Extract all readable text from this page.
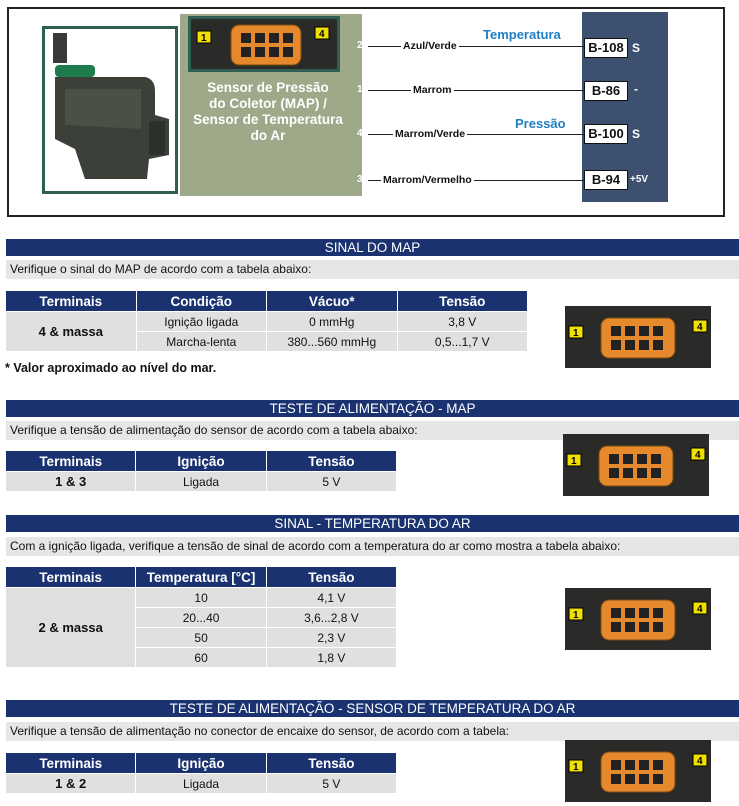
1	4
Sensor de Pressão
do Coletor (MAP) /
Sensor de Temperatura
do Ar
2	Azul/Verde
Temperatura
B-108 S
1	Marrom	B-86	-
4	Marrom/Verde
Pressão
B-100 S
3 Marrom/Vermelho	B-94 +5V
SINAL DO MAP
Verifique o sinal do MAP de acordo com a tabela abaixo:
Terminais	Condição	Vácuo*	Tensão
4 & massa	Ignição ligada	0 mmHg	3,8 V
	Marcha-lenta	380...560 mmHg	0,5...1,7 V
* Valor aproximado ao nível do mar.
1
4
TESTE DE ALIMENTAÇÃO - MAP
Verifique a tensão de alimentação do sensor de acordo com a tabela abaixo:
Terminais	Ignição	Tensão
1 & 3	Ligada	5 V
1
4
SINAL - TEMPERATURA DO AR
Com a ignição ligada, verifique a tensão de sinal de acordo com a temperatura do ar como mostra a tabela abaixo:
Terminais	Temperatura [°C]	Tensão
2 & massa	10	4,1 V
	20...40	3,6...2,8 V
	50	2,3 V
	60	1,8 V
1
4
TESTE DE ALIMENTAÇÃO - SENSOR DE TEMPERATURA DO AR
Verifique a tensão de alimentação no conector de encaixe do sensor, de acordo com a tabela:
Terminais	Ignição	Tensão
1 & 2	Ligada	5 V
1
4
